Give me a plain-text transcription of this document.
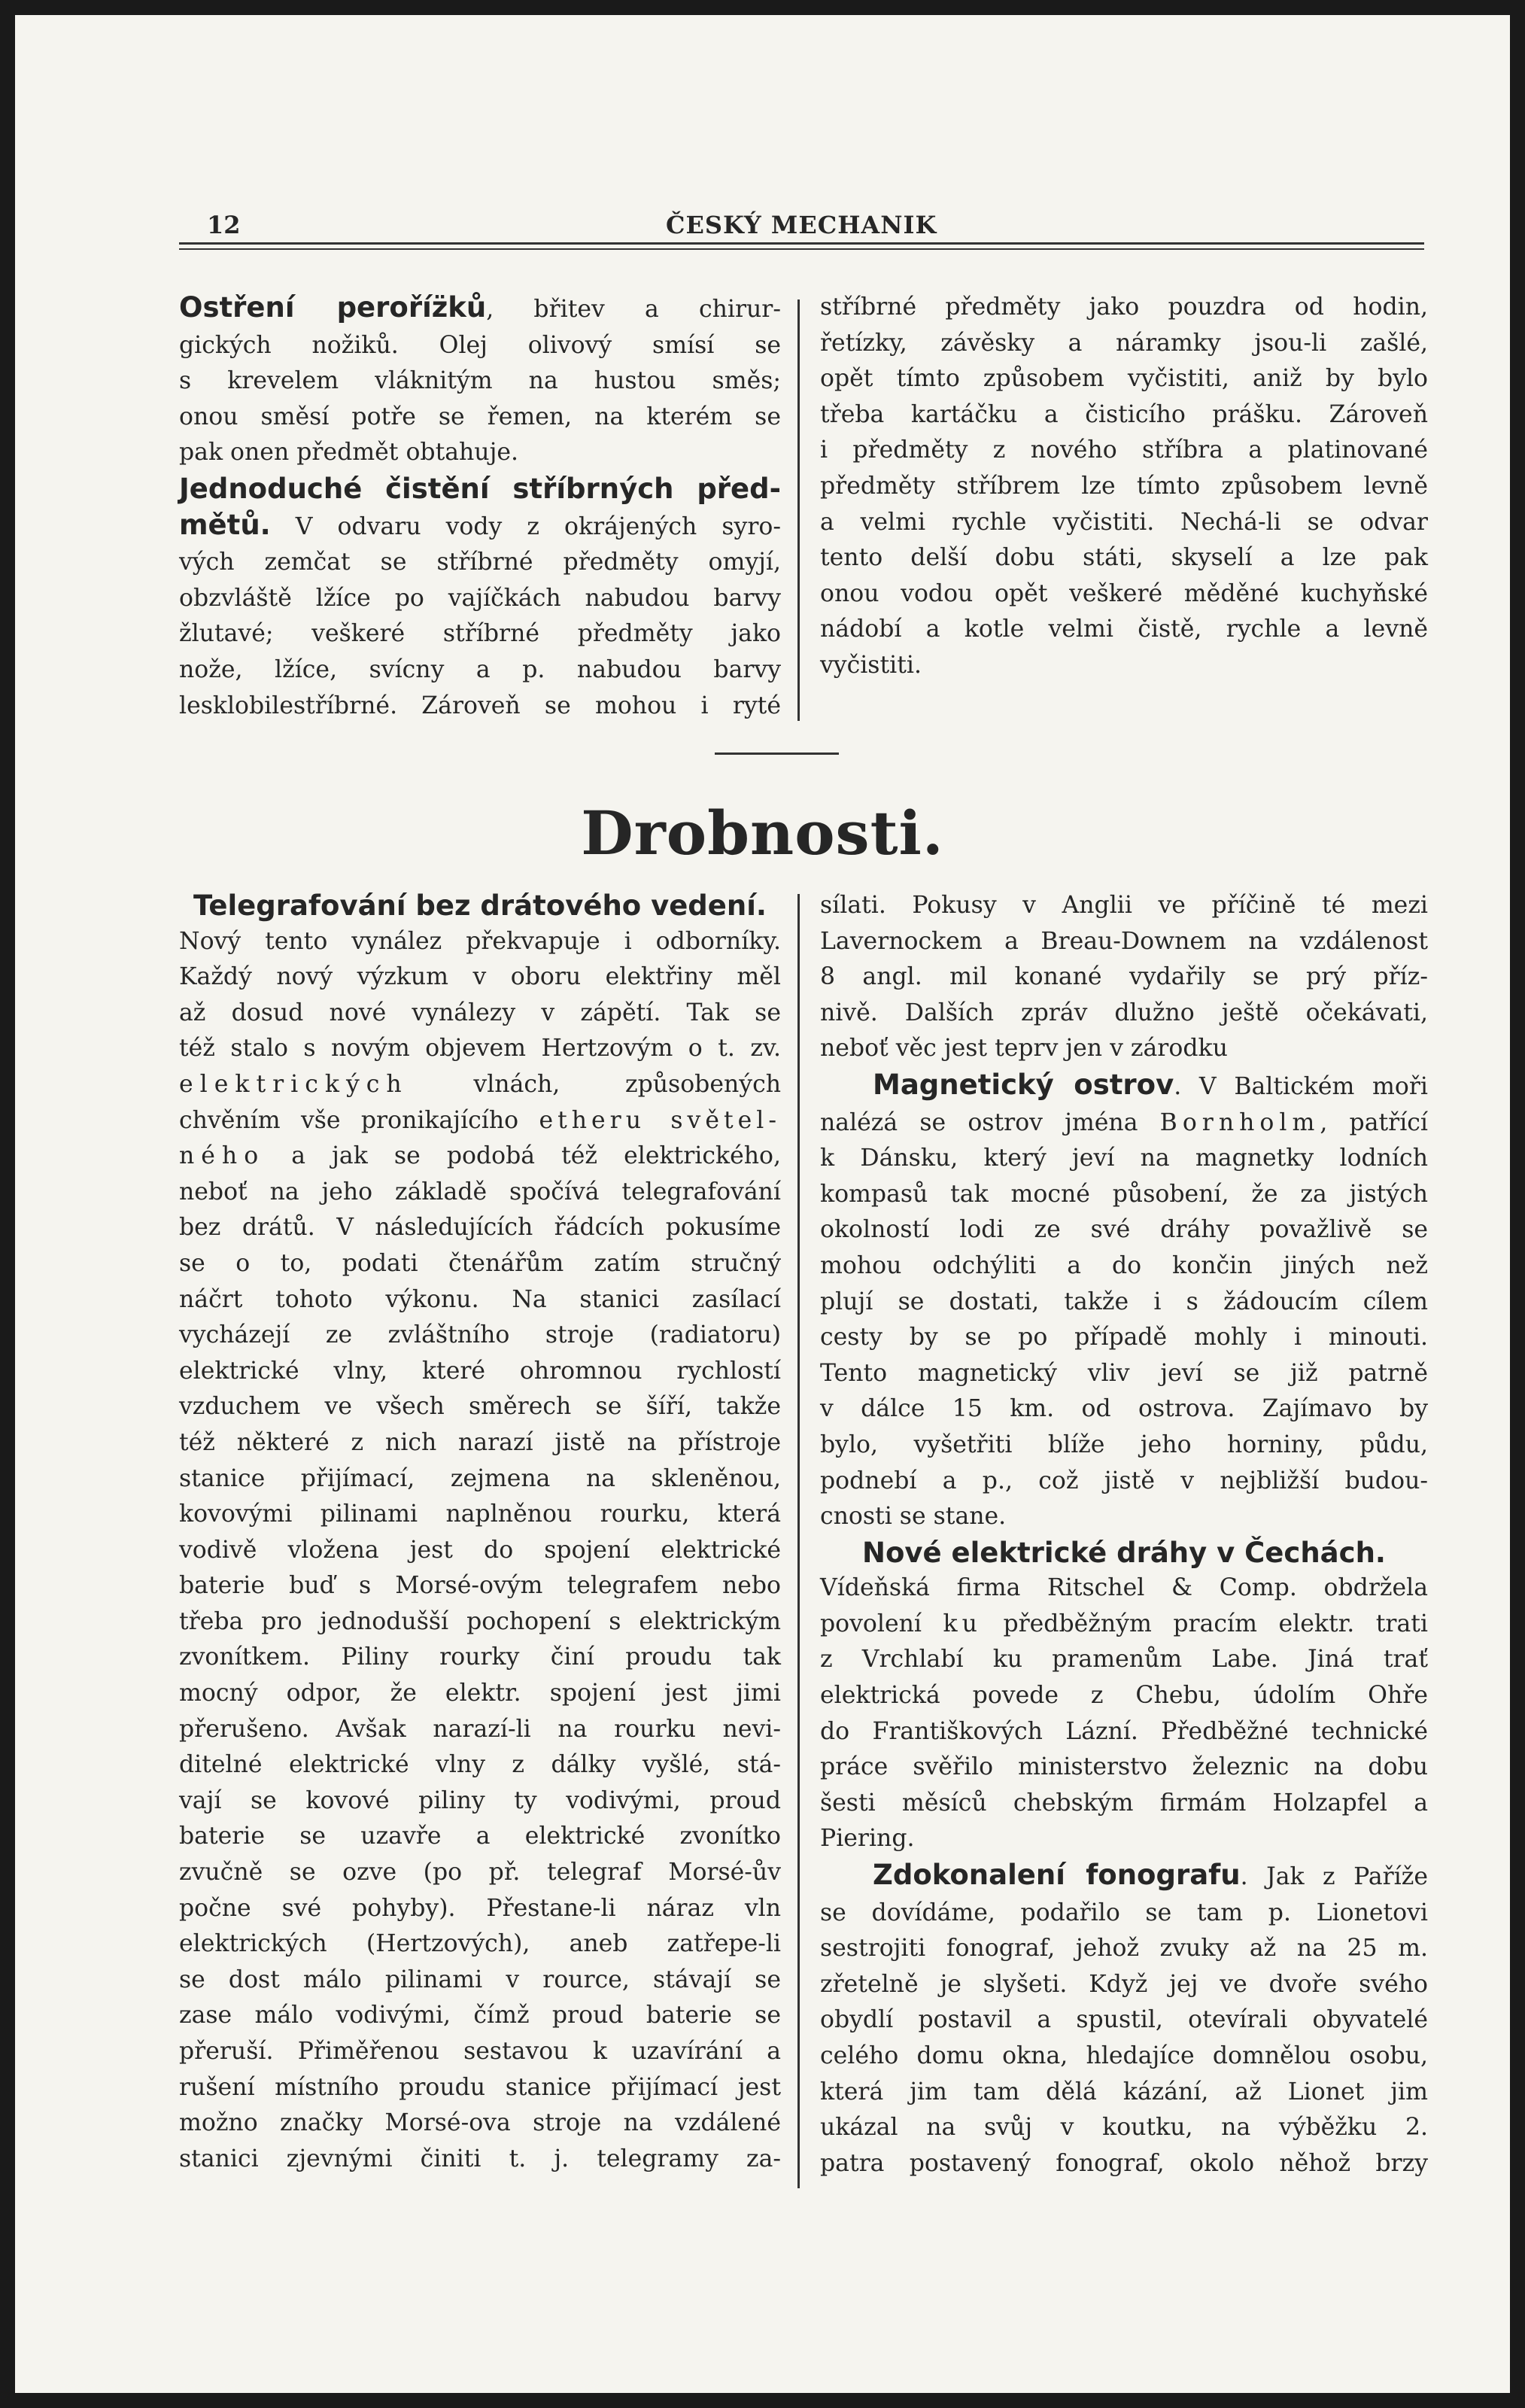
12	ČESKÝ MECHANIK
Ostření peroříz̈ků, břitev a chirur-
gických nožiků. Olej olivový smísí se
s krevelem vláknitým na hustou směs;
onou směsí potře se řemen, na kterém se
pak onen předmět obtahuje.
Jednoduché čistění stříbrných před-
mětů. V odvaru vody z okrájených syro-
vých zemčat se stříbrné předměty omyjí,
obzvláště lžíce po vajíčkách nabudou barvy
žlutavé; veškeré stříbrné předměty jako
nože, lžíce, svícny a p. nabudou barvy
lesklobilestříbrné. Zároveň se mohou i ryté
stříbrné předměty jako pouzdra od hodin,
řetízky, závěsky a náramky jsou-li zašlé,
opět tímto způsobem vyčistiti, aniž by bylo
třeba kartáčku a čisticího prášku. Zároveň
i předměty z nového stříbra a platinované
předměty stříbrem lze tímto způsobem levně
a velmi rychle vyčistiti. Nechá-li se odvar
tento delší dobu státi, skyselí a lze pak
onou vodou opět veškeré měděné kuchyňské
nádobí a kotle velmi čistě, rychle a levně
vyčistiti.
Drobnosti.
Telegrafování bez drátového vedení.
Nový tento vynález překvapuje i odborníky.
Každý nový výzkum v oboru elektřiny měl
až dosud nové vynálezy v zápětí. Tak se
též stalo s novým objevem Hertzovým o t. zv.
elektrických vlnách, způsobených
chvěním vše pronikajícího etheru světel-
ného a jak se podobá též elektrického,
neboť na jeho základě spočívá telegrafování
bez drátů. V následujících řádcích pokusíme
se o to, podati čtenářům zatím stručný
náčrt tohoto výkonu. Na stanici zasílací
vycházejí ze zvláštního stroje (radiatoru)
elektrické vlny, které ohromnou rychlostí
vzduchem ve všech směrech se šíří, takže
též některé z nich narazí jistě na přístroje
stanice přijímací, zejmena na skleněnou,
kovovými pilinami naplněnou rourku, která
vodivě vložena jest do spojení elektrické
baterie buď s Morsé-ovým telegrafem nebo
třeba pro jednodušší pochopení s elektrickým
zvonítkem. Piliny rourky činí proudu tak
mocný odpor, že elektr. spojení jest jimi
přerušeno. Avšak narazí-li na rourku nevi-
ditelné elektrické vlny z dálky vyšlé, stá-
vají se kovové piliny ty vodivými, proud
baterie se uzavře a elektrické zvonítko
zvučně se ozve (po př. telegraf Morsé-ův
počne své pohyby). Přestane-li náraz vln
elektrických (Hertzových), aneb zatřepe-li
se dost málo pilinami v rource, stávají se
zase málo vodivými, čímž proud baterie se
přeruší. Přiměřenou sestavou k uzavírání a
rušení místního proudu stanice přijímací jest
možno značky Morsé-ova stroje na vzdálené
stanici zjevnými činiti t. j. telegramy za-
sílati. Pokusy v Anglii ve příčině té mezi
Lavernockem a Breau-Downem na vzdálenost
8 angl. mil konané vydařily se prý příz-
nivě. Dalších zpráv dlužno ještě očekávati,
neboť věc jest teprv jen v zárodku
Magnetický ostrov. V Baltickém moři
nalézá se ostrov jména Bornholm, patřící
k Dánsku, který jeví na magnetky lodních
kompasů tak mocné působení, že za jistých
okolností lodi ze své dráhy považlivě se
mohou odchýliti a do končin jiných než
plují se dostati, takže i s žádoucím cílem
cesty by se po případě mohly i minouti.
Tento magnetický vliv jeví se již patrně
v dálce 15 km. od ostrova. Zajímavo by
bylo, vyšetřiti blíže jeho horniny, půdu,
podnebí a p., což jistě v nejbližší budou-
cnosti se stane.
Nové elektrické dráhy v Čechách.
Vídeňská firma Ritschel & Comp. obdržela
povolení ku předběžným pracím elektr. trati
z Vrchlabí ku pramenům Labe. Jiná trať
elektrická povede z Chebu, údolím Ohře
do Františkových Lázní. Předběžné technické
práce svěřilo ministerstvo železnic na dobu
šesti měsíců chebským firmám Holzapfel a
Piering.
Zdokonalení fonografu. Jak z Paříže
se dovídáme, podařilo se tam p. Lionetovi
sestrojiti fonograf, jehož zvuky až na 25 m.
zřetelně je slyšeti. Když jej ve dvoře svého
obydlí postavil a spustil, otevírali obyvatelé
celého domu okna, hledajíce domnělou osobu,
která jim tam dělá kázání, až Lionet jim
ukázal na svůj v koutku, na výběžku 2.
patra postavený fonograf, okolo něhož brzy
